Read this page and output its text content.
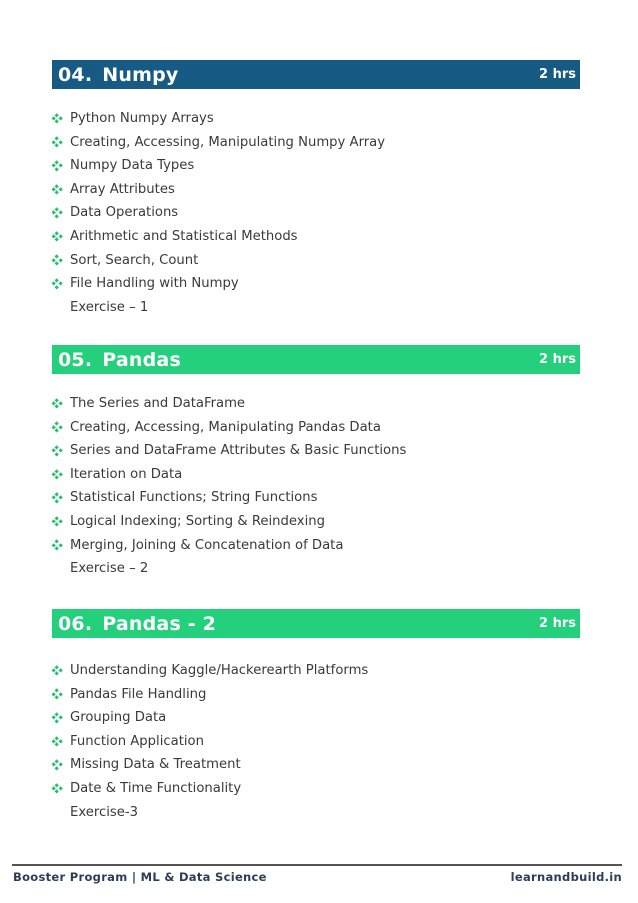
04. Numpy	2 hrs
Python Numpy Arrays
Creating, Accessing, Manipulating Numpy Array
Numpy Data Types
Array Attributes
Data Operations
Arithmetic and Statistical Methods
Sort, Search, Count
File Handling with Numpy
Exercise – 1
05. Pandas	2 hrs
The Series and DataFrame
Creating, Accessing, Manipulating Pandas Data
Series and DataFrame Attributes & Basic Functions
Iteration on Data
Statistical Functions; String Functions
Logical Indexing; Sorting & Reindexing
Merging, Joining & Concatenation of Data
Exercise – 2
06. Pandas - 2	2 hrs
Understanding Kaggle/Hackerearth Platforms
Pandas File Handling
Grouping Data
Function Application
Missing Data & Treatment
Date & Time Functionality
Exercise-3
Booster Program | ML & Data Science	learnandbuild.in
